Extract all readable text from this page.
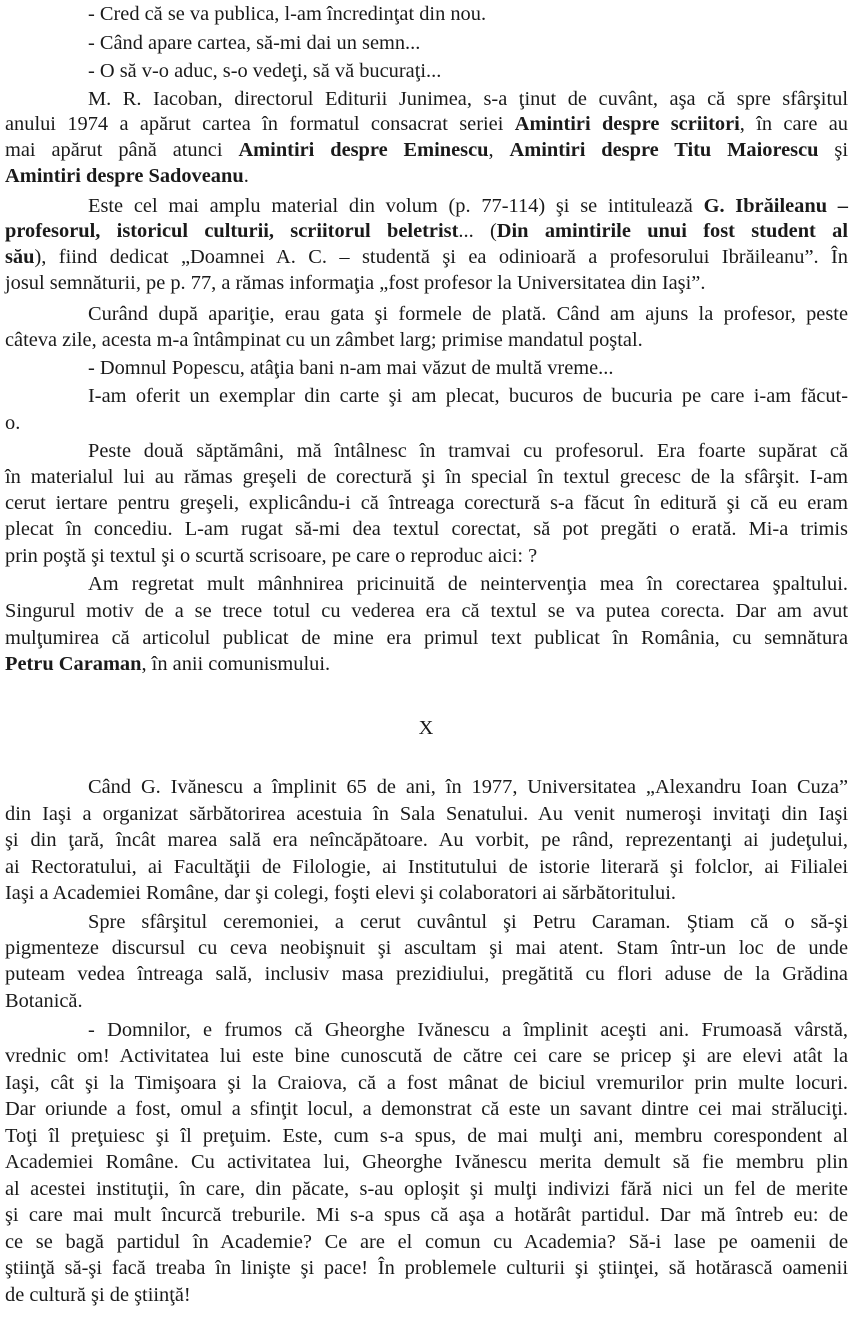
- Cred că se va publica, l-am încredinţat din nou.
- Când apare cartea, să-mi dai un semn...
- O să v-o aduc, s-o vedeţi, să vă bucuraţi...
M. R. Iacoban, directorul Editurii Junimea, s-a ţinut de cuvânt, aşa că spre sfârşitul
anului 1974 a apărut cartea în formatul consacrat seriei Amintiri despre scriitori, în care au
mai apărut până atunci Amintiri despre Eminescu, Amintiri despre Titu Maiorescu şi
Amintiri despre Sadoveanu.
Este cel mai amplu material din volum (p. 77-114) şi se intitulează G. Ibrăileanu –
profesorul, istoricul culturii, scriitorul beletrist... (Din amintirile unui fost student al
său), fiind dedicat „Doamnei A. C. – studentă şi ea odinioară a profesorului Ibrăileanu”. În
josul semnăturii, pe p. 77, a rămas informaţia „fost profesor la Universitatea din Iaşi”.
Curând după apariţie, erau gata şi formele de plată. Când am ajuns la profesor, peste
câteva zile, acesta m-a întâmpinat cu un zâmbet larg; primise mandatul poştal.
- Domnul Popescu, atâţia bani n-am mai văzut de multă vreme...
I-am oferit un exemplar din carte şi am plecat, bucuros de bucuria pe care i-am făcut-
o.
Peste două săptămâni, mă întâlnesc în tramvai cu profesorul. Era foarte supărat că
în materialul lui au rămas greşeli de corectură şi în special în textul grecesc de la sfârşit. I-am
cerut iertare pentru greşeli, explicându-i că întreaga corectură s-a făcut în editură şi că eu eram
plecat în concediu. L-am rugat să-mi dea textul corectat, să pot pregăti o erată. Mi-a trimis
prin poştă şi textul şi o scurtă scrisoare, pe care o reproduc aici: ?
Am regretat mult mânhnirea pricinuită de neintervenţia mea în corectarea şpaltului.
Singurul motiv de a se trece totul cu vederea era că textul se va putea corecta. Dar am avut
mulţumirea că articolul publicat de mine era primul text publicat în România, cu semnătura
Petru Caraman, în anii comunismului.
X
Când G. Ivănescu a împlinit 65 de ani, în 1977, Universitatea „Alexandru Ioan Cuza”
din Iaşi a organizat sărbătorirea acestuia în Sala Senatului. Au venit numeroşi invitaţi din Iaşi
şi din ţară, încât marea sală era neîncăpătoare. Au vorbit, pe rând, reprezentanţi ai judeţului,
ai Rectoratului, ai Facultăţii de Filologie, ai Institutului de istorie literară şi folclor, ai Filialei
Iaşi a Academiei Române, dar şi colegi, foşti elevi şi colaboratori ai sărbătoritului.
Spre sfârşitul ceremoniei, a cerut cuvântul şi Petru Caraman. Ştiam că o să-şi
pigmenteze discursul cu ceva neobişnuit şi ascultam şi mai atent. Stam într-un loc de unde
puteam vedea întreaga sală, inclusiv masa prezidiului, pregătită cu flori aduse de la Grădina
Botanică.
- Domnilor, e frumos că Gheorghe Ivănescu a împlinit aceşti ani. Frumoasă vârstă,
vrednic om! Activitatea lui este bine cunoscută de către cei care se pricep şi are elevi atât la
Iaşi, cât şi la Timişoara şi la Craiova, că a fost mânat de biciul vremurilor prin multe locuri.
Dar oriunde a fost, omul a sfinţit locul, a demonstrat că este un savant dintre cei mai străluciţi.
Toţi îl preţuiesc şi îl preţuim. Este, cum s-a spus, de mai mulţi ani, membru corespondent al
Academiei Române. Cu activitatea lui, Gheorghe Ivănescu merita demult să fie membru plin
al acestei instituţii, în care, din păcate, s-au oploşit şi mulţi indivizi fără nici un fel de merite
şi care mai mult încurcă treburile. Mi s-a spus că aşa a hotărât partidul. Dar mă întreb eu: de
ce se bagă partidul în Academie? Ce are el comun cu Academia? Să-i lase pe oamenii de
ştiinţă să-şi facă treaba în linişte şi pace! În problemele culturii şi ştiinţei, să hotărască oamenii
de cultură şi de ştiinţă!
